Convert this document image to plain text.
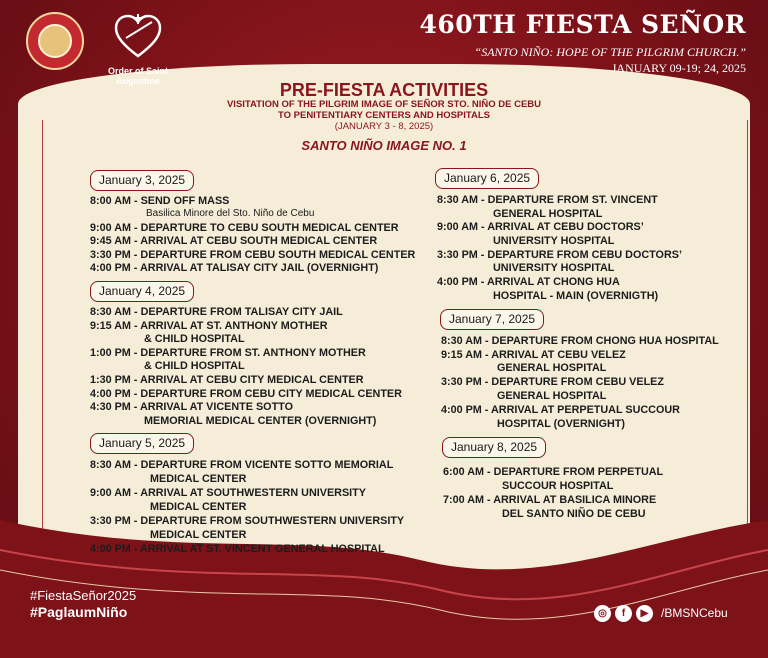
Order of Saint Augustine
460TH FIESTA SEÑOR
“SANTO NIÑO: HOPE OF THE PILGRIM CHURCH.”
JANUARY 09-19; 24, 2025
PRE-FIESTA ACTIVITIES
VISITATION OF THE PILGRIM IMAGE OF SEÑOR STO. NIÑO DE CEBU
TO PENITENTIARY CENTERS AND HOSPITALS
(JANUARY 3 - 8, 2025)
SANTO NIÑO IMAGE NO. 1
January 3, 2025
8:00 AM - SEND OFF MASS
Basilica Minore del Sto. Niño de Cebu
9:00 AM - DEPARTURE TO CEBU SOUTH MEDICAL CENTER
9:45 AM - ARRIVAL AT CEBU SOUTH MEDICAL CENTER
3:30 PM - DEPARTURE FROM CEBU SOUTH MEDICAL CENTER
4:00 PM - ARRIVAL AT TALISAY CITY JAIL (OVERNIGHT)
January 4, 2025
8:30 AM - DEPARTURE FROM TALISAY CITY JAIL
9:15 AM - ARRIVAL AT ST. ANTHONY MOTHER
& CHILD HOSPITAL
1:00 PM - DEPARTURE FROM ST. ANTHONY MOTHER
& CHILD HOSPITAL
1:30 PM - ARRIVAL AT CEBU CITY MEDICAL CENTER
4:00 PM - DEPARTURE FROM CEBU CITY MEDICAL CENTER
4:30 PM - ARRIVAL AT VICENTE SOTTO
MEMORIAL MEDICAL CENTER (OVERNIGHT)
January 5, 2025
8:30 AM - DEPARTURE FROM VICENTE SOTTO MEMORIAL
MEDICAL CENTER
9:00 AM - ARRIVAL AT SOUTHWESTERN UNIVERSITY
MEDICAL CENTER
3:30 PM - DEPARTURE FROM SOUTHWESTERN UNIVERSITY
MEDICAL CENTER
4:00 PM - ARRIVAL AT ST. VINCENT GENERAL HOSPITAL
January 6, 2025
8:30 AM - DEPARTURE FROM ST. VINCENT
GENERAL HOSPITAL
9:00 AM - ARRIVAL AT CEBU DOCTORS’
UNIVERSITY HOSPITAL
3:30 PM - DEPARTURE FROM CEBU DOCTORS’
UNIVERSITY HOSPITAL
4:00 PM - ARRIVAL AT CHONG HUA
HOSPITAL - MAIN (OVERNIGTH)
January 7, 2025
8:30 AM - DEPARTURE FROM CHONG HUA HOSPITAL
9:15 AM - ARRIVAL AT CEBU VELEZ
GENERAL HOSPITAL
3:30 PM - DEPARTURE FROM CEBU VELEZ
GENERAL HOSPITAL
4:00 PM - ARRIVAL AT PERPETUAL SUCCOUR
HOSPITAL (OVERNIGHT)
January 8, 2025
6:00 AM - DEPARTURE FROM PERPETUAL
SUCCOUR HOSPITAL
7:00 AM - ARRIVAL AT BASILICA MINORE
DEL SANTO NIÑO DE CEBU
#FiestaSeñor2025
#PaglaumNiño	◎	f	▶	/BMSNCebu
